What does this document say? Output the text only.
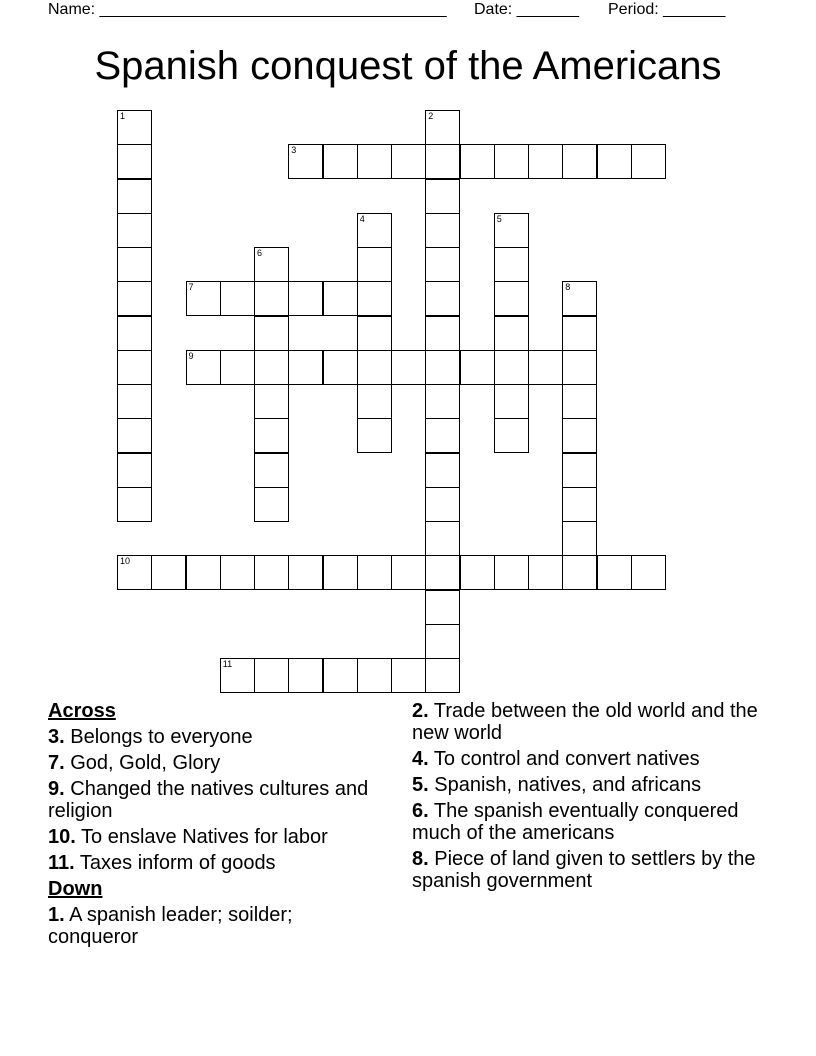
Name: _______________________________________ Date: _______ Period: _______
Spanish conquest of the Americans
1	2
3
4	5
6
7	8
9
10
11
Across
3. Belongs to everyone
7. God, Gold, Glory
9. Changed the natives cultures and religion
10. To enslave Natives for labor
11. Taxes inform of goods
Down
1. A spanish leader; soilder; conqueror
2. Trade between the old world and the new world
4. To control and convert natives
5. Spanish, natives, and africans
6. The spanish eventually conquered much of the americans
8. Piece of land given to settlers by the spanish government
